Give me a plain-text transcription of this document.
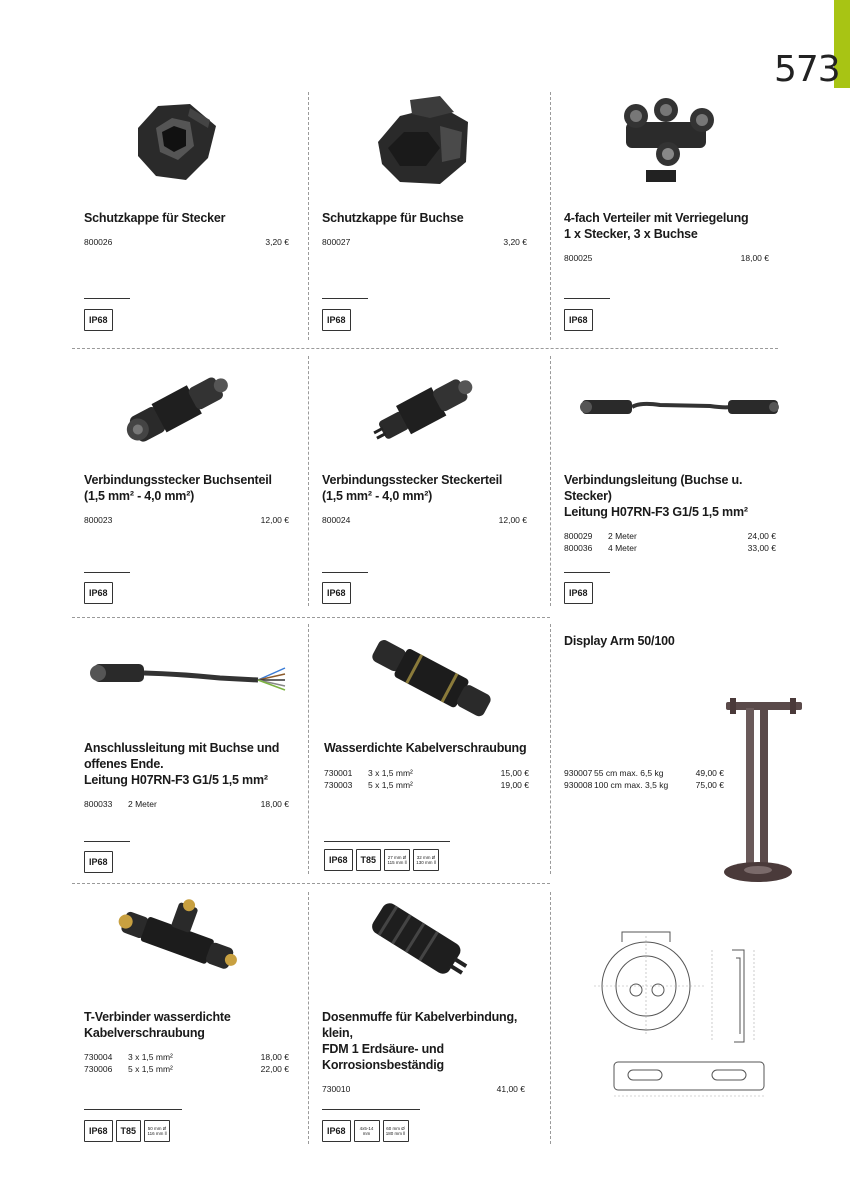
573
Schutzkappe für Stecker
800026	3,20 €
IP68
Schutzkappe für Buchse
800027	3,20 €
IP68
4-fach Verteiler mit Verriegelung
1 x Stecker, 3 x Buchse
800025	18,00 €
IP68
Verbindungsstecker Buchsenteil
(1,5 mm² - 4,0 mm²)
800023	12,00 €
IP68
Verbindungsstecker Steckerteil
(1,5 mm² - 4,0 mm²)
800024	12,00 €
IP68
Verbindungsleitung (Buchse u. Stecker)
Leitung H07RN-F3 G1/5 1,5 mm²
800029	2 Meter	24,00 €
800036	4 Meter	33,00 €
IP68
Anschlussleitung mit Buchse und
offenes Ende.
Leitung H07RN-F3 G1/5 1,5 mm²
800033	2 Meter	18,00 €
IP68
Wasserdichte Kabelverschraubung
730001	3 x 1,5 mm²	15,00 €
730003	5 x 1,5 mm²	19,00 €
IP68	T85	27 mm Ø
115 mm ll
32 mm Ø
130 mm ll
Display Arm 50/100
930007 55 cm max. 6,5 kg	49,00 €
930008 100 cm max. 3,5 kg	75,00 €
T-Verbinder wasserdichte
Kabelverschraubung
730004	3 x 1,5 mm²	18,00 €
730006	5 x 1,5 mm²	22,00 €
IP68	T85	50 mm Ø
116 mm ll
Dosenmuffe für Kabelverbindung, klein,
FDM 1 Erdsäure- und Korrosionsbeständig
730010	41,00 €
IP68	4x5-14
mm
60 mm Ø
180 mm ll
